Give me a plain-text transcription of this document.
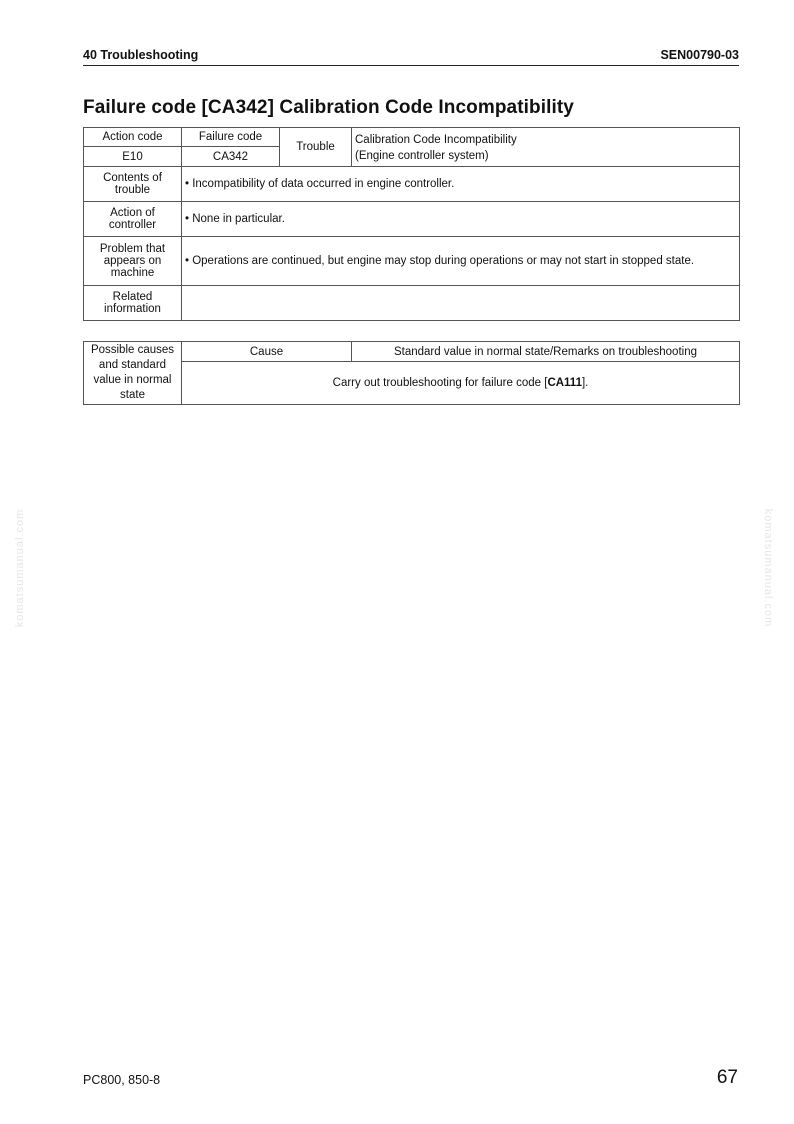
40 Troubleshooting	SEN00790-03
Failure code [CA342] Calibration Code Incompatibility
Action code	Failure code	Trouble	Calibration Code Incompatibility
(Engine controller system)

E10	CA342		
Contents of trouble	• Incompatibility of data occurred in engine controller.		
Action of controller	• None in particular.		
Problem that appears on machine	• Operations are continued, but engine may stop during operations or may not start in stopped state.		
Related information			
Possible causes and standard value in normal state	Cause	Standard value in normal state/Remarks on troubleshooting
Carry out troubleshooting for failure code [CA111].
komatsumanual.com	komatsumanual.com
PC800, 850-8	67
